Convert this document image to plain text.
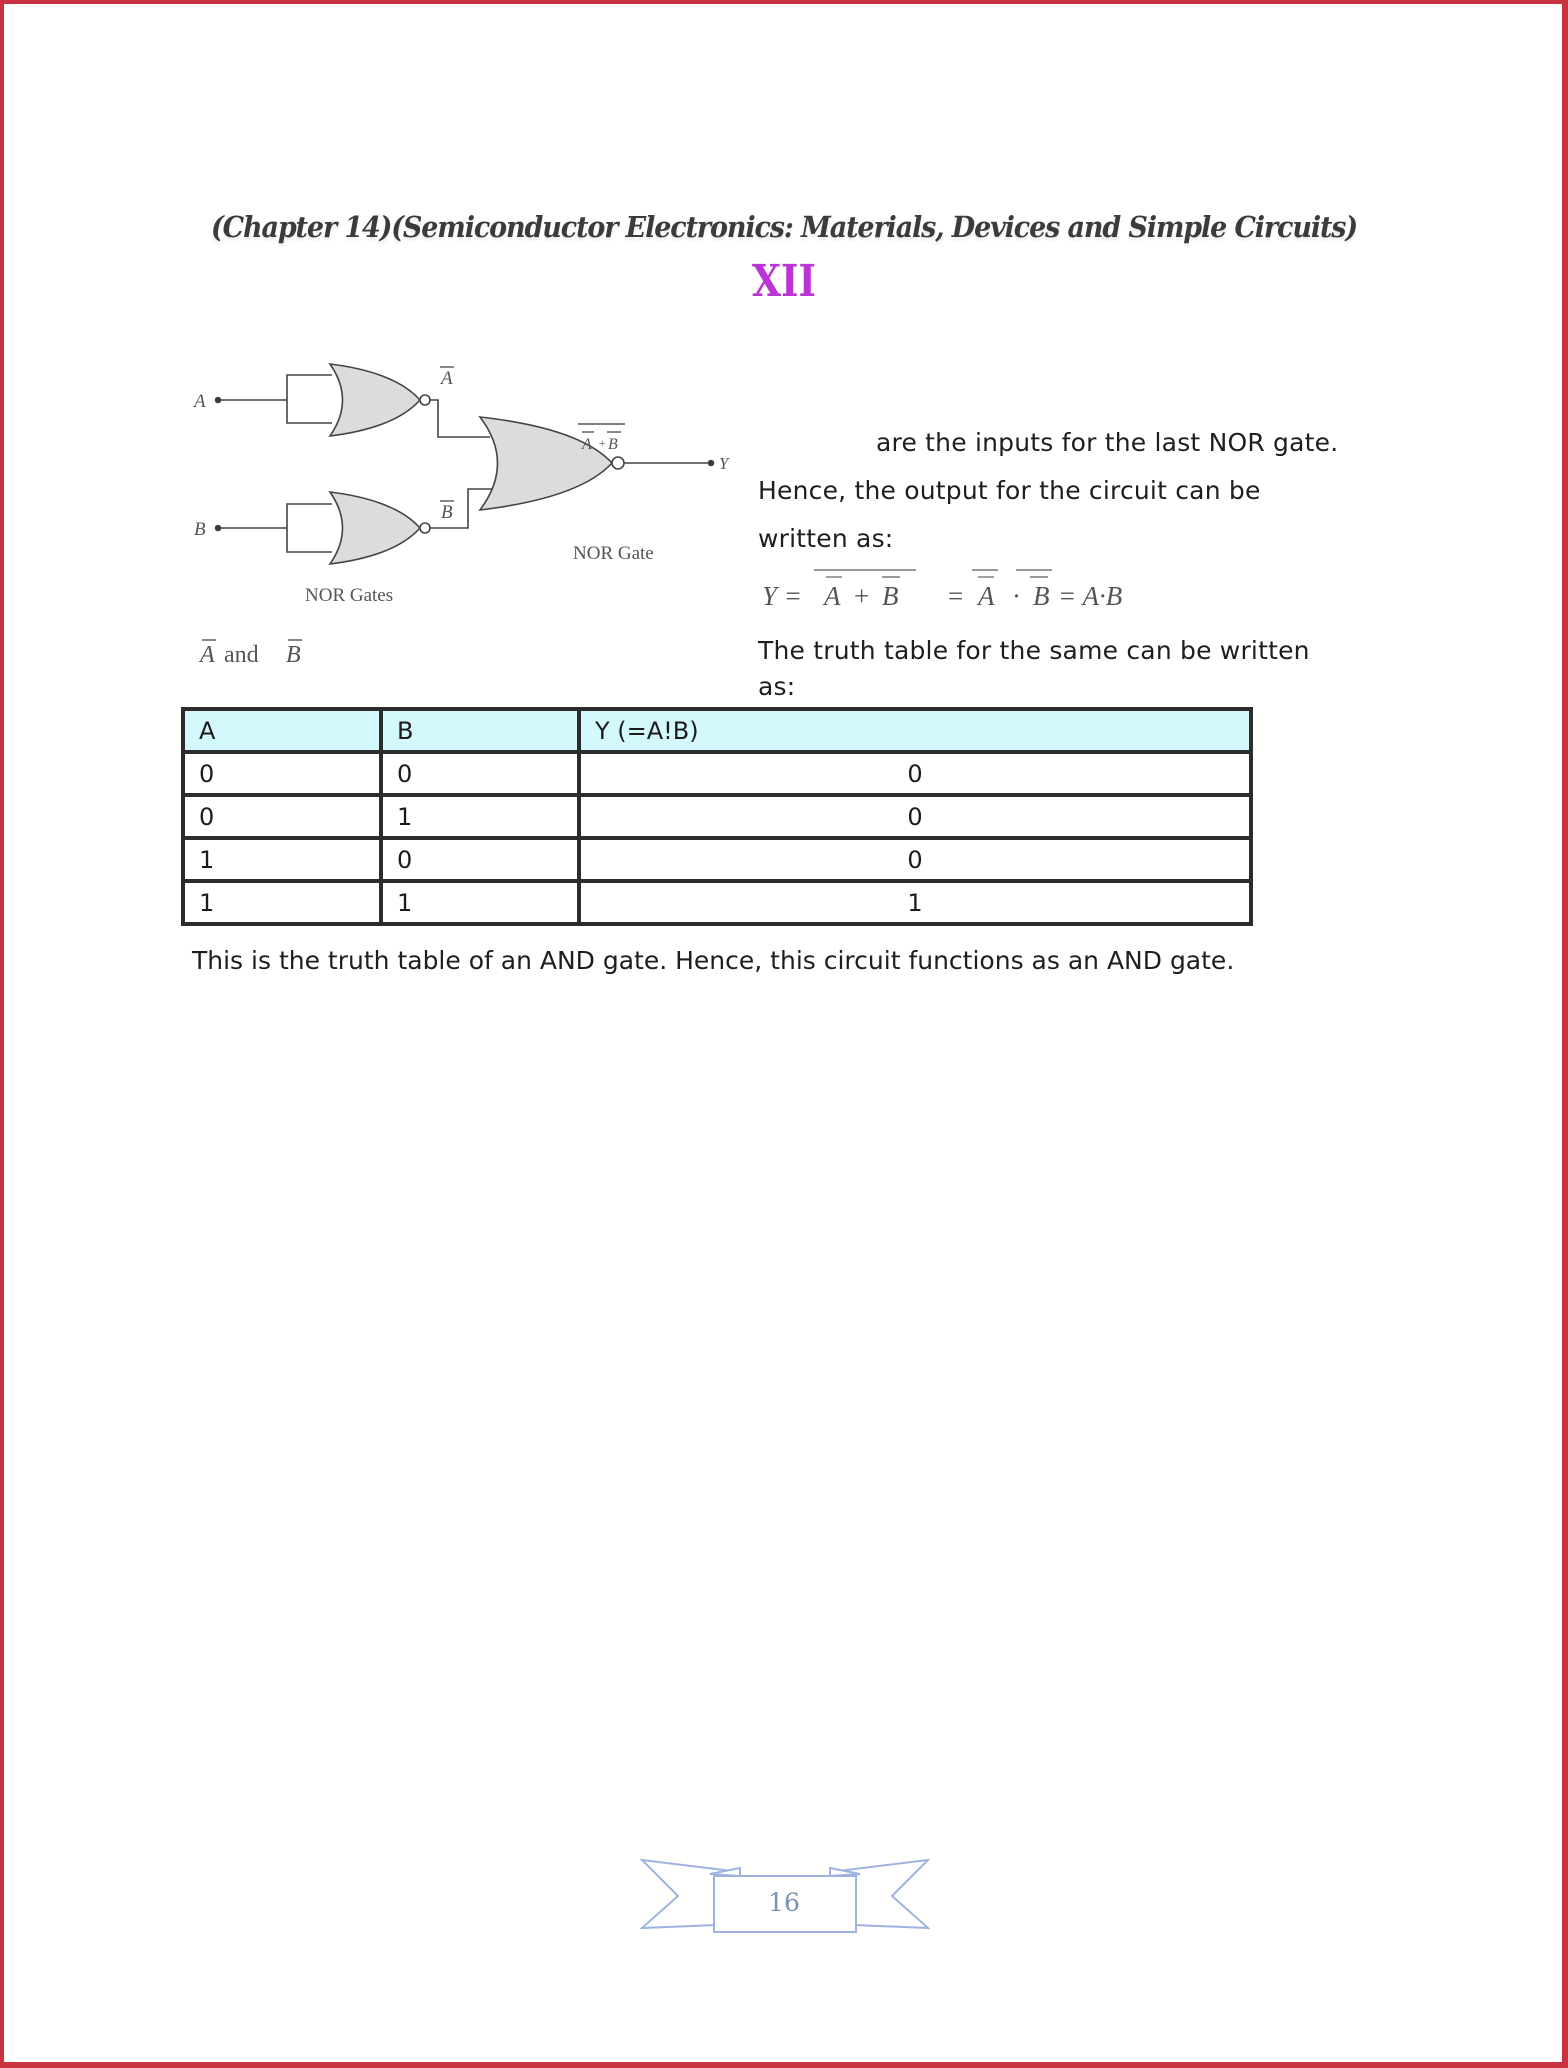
(Chapter 14)(Semiconductor Electronics: Materials, Devices and Simple Circuits)
XII
A
B
A
B
A + B
Y
NOR Gate
NOR Gates
A and B
are the inputs for the last NOR gate.
Hence, the output for the circuit can be
written as:
Y = A + B = A · B = A·B
The truth table for the same can be written
as:
A	B	Y (=A!B)
0	0	0
0	1	0
1	0	0
1	1	1
This is the truth table of an AND gate. Hence, this circuit functions as an AND gate.
16
